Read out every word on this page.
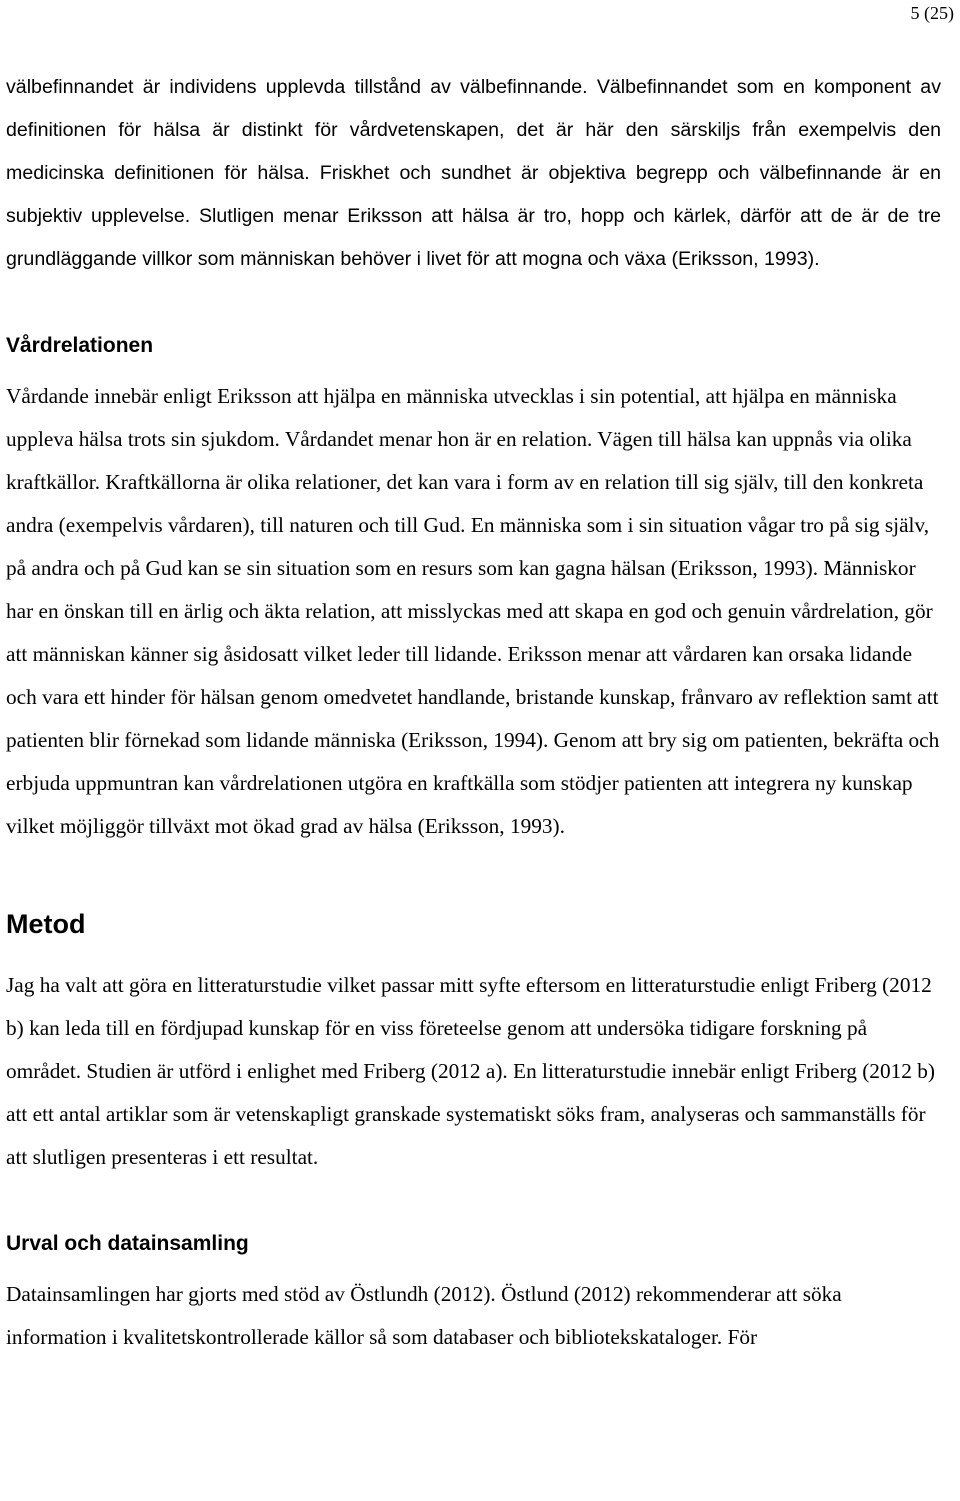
5 (25)

välbefinnandet är individens upplevda tillstånd av välbefinnande. Välbefinnandet som en komponent av definitionen för hälsa är distinkt för vårdvetenskapen, det är här den särskiljs från exempelvis den medicinska definitionen för hälsa. Friskhet och sundhet är objektiva begrepp och välbefinnande är en subjektiv upplevelse. Slutligen menar Eriksson att hälsa är tro, hopp och kärlek, därför att de är de tre grundläggande villkor som människan behöver i livet för att mogna och växa (Eriksson, 1993).

Vårdrelationen

Vårdande innebär enligt Eriksson att hjälpa en människa utvecklas i sin potential, att hjälpa en människa uppleva hälsa trots sin sjukdom. Vårdandet menar hon är en relation. Vägen till hälsa kan uppnås via olika kraftkällor. Kraftkällorna är olika relationer, det kan vara i form av en relation till sig själv, till den konkreta andra (exempelvis vårdaren), till naturen och till Gud. En människa som i sin situation vågar tro på sig själv, på andra och på Gud kan se sin situation som en resurs som kan gagna hälsan (Eriksson, 1993). Människor har en önskan till en ärlig och äkta relation, att misslyckas med att skapa en god och genuin vårdrelation, gör att människan känner sig åsidosatt vilket leder till lidande. Eriksson menar att vårdaren kan orsaka lidande och vara ett hinder för hälsan genom omedvetet handlande, bristande kunskap, frånvaro av reflektion samt att patienten blir förnekad som lidande människa (Eriksson, 1994). Genom att bry sig om patienten, bekräfta och erbjuda uppmuntran kan vårdrelationen utgöra en kraftkälla som stödjer patienten att integrera ny kunskap vilket möjliggör tillväxt mot ökad grad av hälsa (Eriksson, 1993).

Metod

Jag ha valt att göra en litteraturstudie vilket passar mitt syfte eftersom en litteraturstudie enligt Friberg (2012 b) kan leda till en fördjupad kunskap för en viss företeelse genom att undersöka tidigare forskning på området. Studien är utförd i enlighet med Friberg (2012 a). En litteraturstudie innebär enligt Friberg (2012 b) att ett antal artiklar som är vetenskapligt granskade systematiskt söks fram, analyseras och sammanställs för att slutligen presenteras i ett resultat.

Urval och datainsamling

Datainsamlingen har gjorts med stöd av Östlundh (2012). Östlund (2012) rekommenderar att söka information i kvalitetskontrollerade källor så som databaser och bibliotekskataloger. För
